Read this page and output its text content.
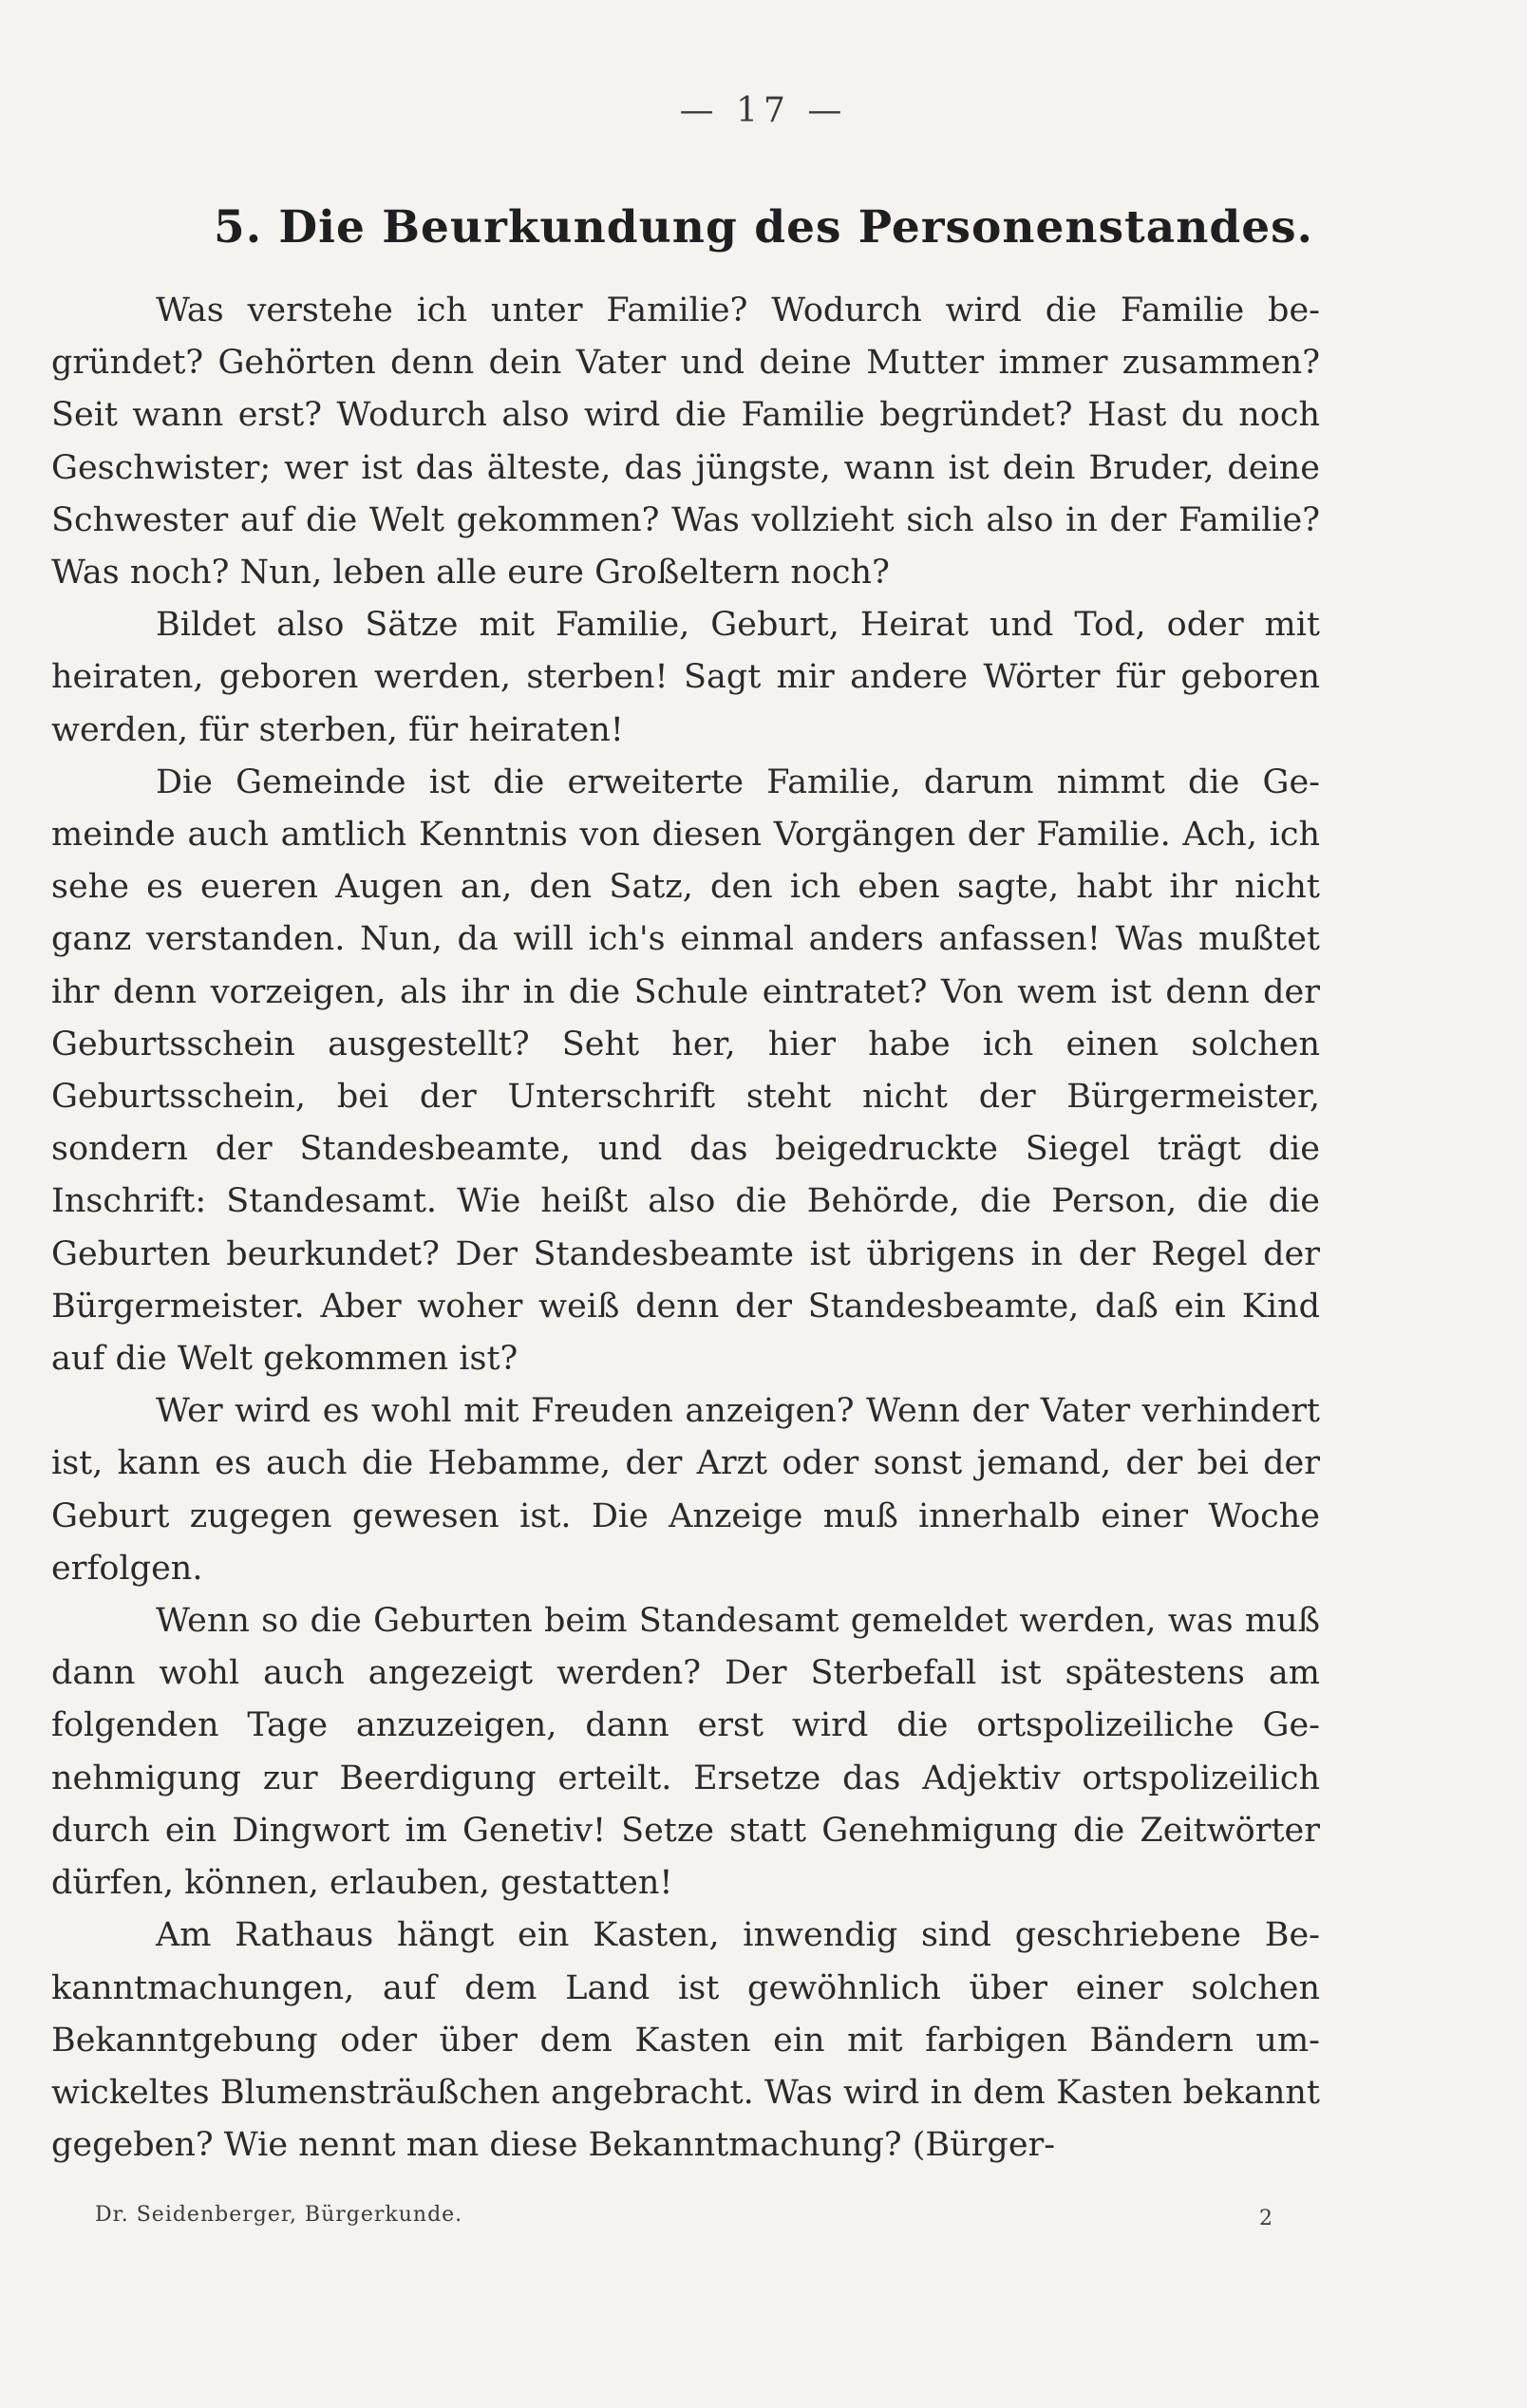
— 17 —
5. Die Beurkundung des Personenstandes.

Was verstehe ich unter Familie? Wodurch wird die Familie begründet? Gehörten denn dein Vater und deine Mutter immer zusammen? Seit wann erst? Wodurch also wird die Familie begründet? Hast du noch Geschwister; wer ist das älteste, das jüngste, wann ist dein Bruder, deine Schwester auf die Welt gekommen? Was vollzieht sich also in der Familie? Was noch? Nun, leben alle eure Großeltern noch?

Bildet also Sätze mit Familie, Geburt, Heirat und Tod, oder mit heiraten, geboren werden, sterben! Sagt mir andere Wörter für geboren werden, für sterben, für heiraten!

Die Gemeinde ist die erweiterte Familie, darum nimmt die Gemeinde auch amtlich Kenntnis von diesen Vorgängen der Familie. Ach, ich sehe es eueren Augen an, den Satz, den ich eben sagte, habt ihr nicht ganz verstanden. Nun, da will ich's einmal anders anfassen! Was mußtet ihr denn vorzeigen, als ihr in die Schule eintratet? Von wem ist denn der Geburtsschein ausgestellt? Seht her, hier habe ich einen solchen Geburtsschein, bei der Unterschrift steht nicht der Bürgermeister, sondern der Standesbeamte, und das beigedruckte Siegel trägt die Inschrift: Standesamt. Wie heißt also die Behörde, die Person, die die Geburten beurkundet? Der Standesbeamte ist übrigens in der Regel der Bürgermeister. Aber woher weiß denn der Standesbeamte, daß ein Kind auf die Welt gekommen ist?

Wer wird es wohl mit Freuden anzeigen? Wenn der Vater verhindert ist, kann es auch die Hebamme, der Arzt oder sonst jemand, der bei der Geburt zugegen gewesen ist. Die Anzeige muß innerhalb einer Woche erfolgen.

Wenn so die Geburten beim Standesamt gemeldet werden, was muß dann wohl auch angezeigt werden? Der Sterbefall ist spätestens am folgenden Tage anzuzeigen, dann erst wird die ortspolizeiliche Genehmigung zur Beerdigung erteilt. Ersetze das Adjektiv ortspolizeilich durch ein Dingwort im Genetiv! Setze statt Genehmigung die Zeitwörter dürfen, können, erlauben, gestatten!

Am Rathaus hängt ein Kasten, inwendig sind geschriebene Bekanntmachungen, auf dem Land ist gewöhnlich über einer solchen Bekanntgebung oder über dem Kasten ein mit farbigen Bändern umwickeltes Blumensträußchen angebracht. Was wird in dem Kasten bekannt gegeben? Wie nennt man diese Bekanntmachung? (Bürger-

Dr. Seidenberger, Bürgerkunde.	2
